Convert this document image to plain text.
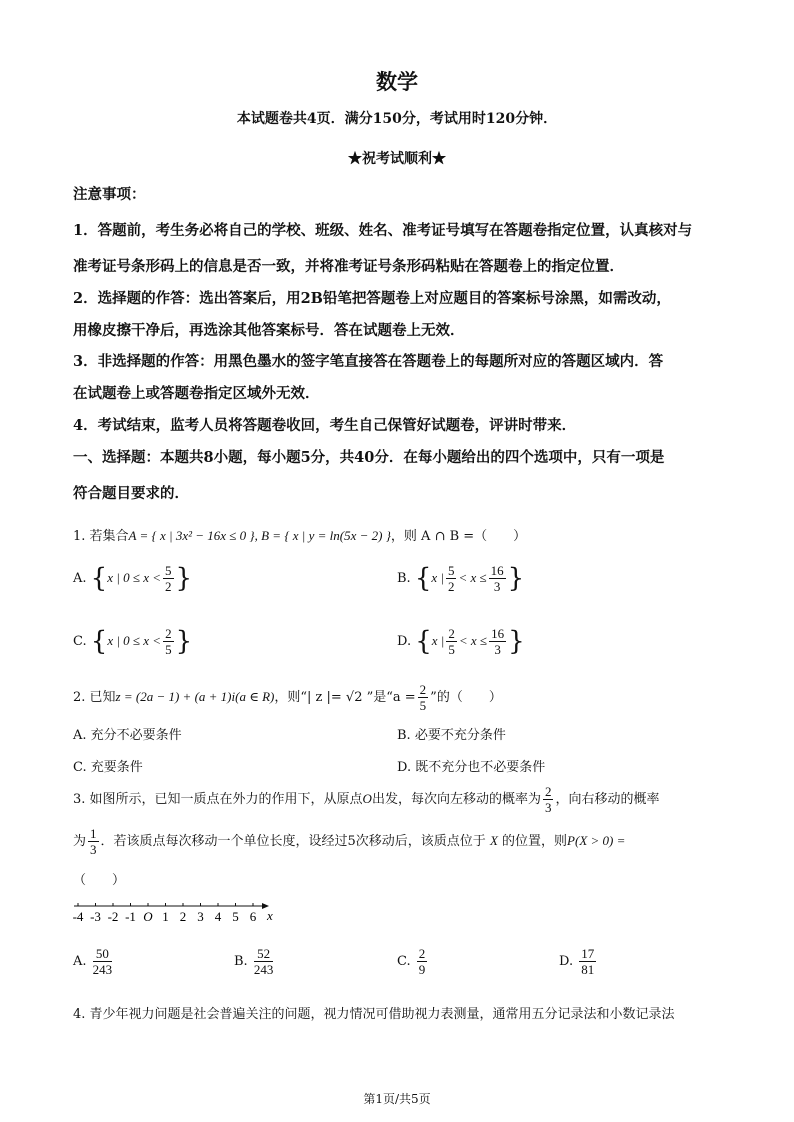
数学
本试题卷共4页．满分150分，考试用时120分钟．
★祝考试顺利★
注意事项：
1．答题前，考生务必将自己的学校、班级、姓名、准考证号填写在答题卷指定位置，认真核对与
准考证号条形码上的信息是否一致，并将准考证号条形码粘贴在答题卷上的指定位置．
2．选择题的作答：选出答案后，用2B铅笔把答题卷上对应题目的答案标号涂黑，如需改动，
用橡皮擦干净后，再选涂其他答案标号．答在试题卷上无效．
3．非选择题的作答：用黑色墨水的签字笔直接答在答题卷上的每题所对应的答题区域内．答
在试题卷上或答题卷指定区域外无效．
4．考试结束，监考人员将答题卷收回，考生自己保管好试题卷，评讲时带来．
一、选择题：本题共8小题，每小题5分，共40分．在每小题给出的四个选项中，只有一项是
符合题目要求的．
1. 若集合A = { x | 3x² − 16x ≤ 0 }, B = { x | y = ln(5x − 2) }，则 A ∩ B =（　　）
A. {x | $0 \le x < \frac{5}{2}$ }	B. {x | $\frac{5}{2} < x \le \frac{16}{3}$ }
C. {x | $0 \le x < \frac{2}{5}$ }	D. {x | $\frac{2}{5} < x \le \frac{16}{3}$ }
2. 已知z = (2a − 1) + (a + 1)i(a ∈ R)，则“| z |= √2 ”是“$a = \frac{2}{5}$ ”的（　　）
A. 充分不必要条件	B. 必要不充分条件
C. 充要条件	D. 既不充分也不必要条件
3. 如图所示，已知一质点在外力的作用下，从原点O出发，每次向左移动的概率为 $\frac{2}{3}$ ，向右移动的概率
为 $\frac{1}{3}$ ．若该质点每次移动一个单位长度，设经过5次移动后，该质点位于 X 的位置，则P(X > 0) =
（　　）
-4 -3 -2 -1 O 1 2 3 4 5 6 x
A. $\frac{50}{243}$	B. $\frac{52}{243}$	C. $\frac{2}{9}$	D. $\frac{17}{81}$
4. 青少年视力问题是社会普遍关注的问题，视力情况可借助视力表测量，通常用五分记录法和小数记录法
第1页/共5页
